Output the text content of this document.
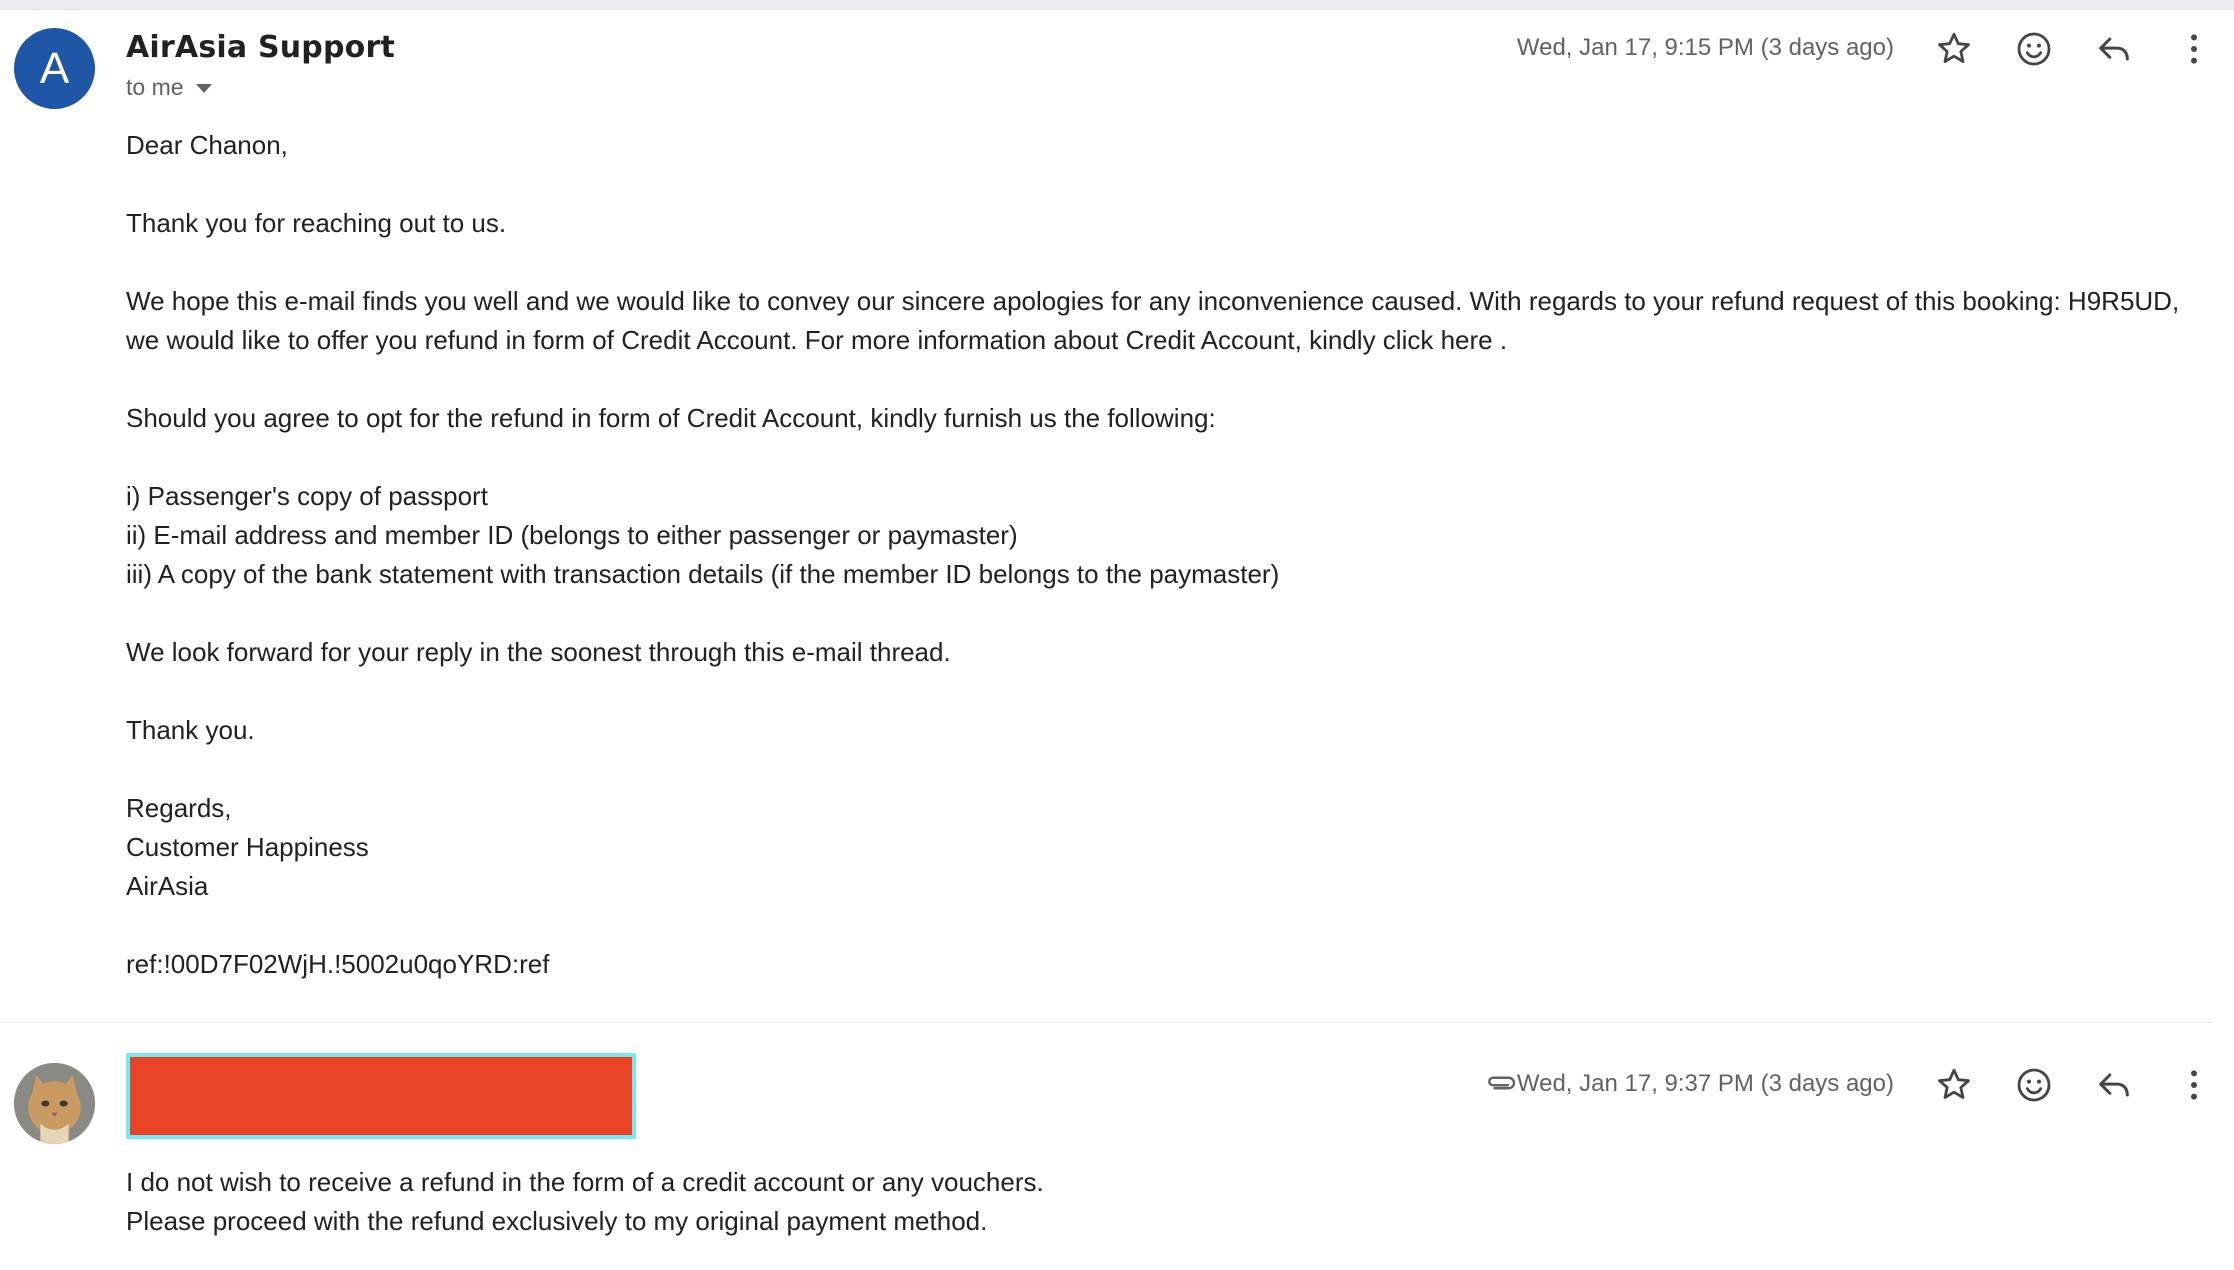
A AirAsia Support
to me
Wed, Jan 17, 9:15 PM (3 days ago)

Dear Chanon,

Thank you for reaching out to us.

We hope this e-mail finds you well and we would like to convey our sincere apologies for any inconvenience caused. With regards to your refund request of this booking: H9R5UD,
we would like to offer you refund in form of Credit Account. For more information about Credit Account, kindly click here .

Should you agree to opt for the refund in form of Credit Account, kindly furnish us the following:

i) Passenger's copy of passport
ii) E-mail address and member ID (belongs to either passenger or paymaster)
iii) A copy of the bank statement with transaction details (if the member ID belongs to the paymaster)

We look forward for your reply in the soonest through this e-mail thread.

Thank you.

Regards,
Customer Happiness
AirAsia

ref:!00D7F02WjH.!5002u0qoYRD:ref

Wed, Jan 17, 9:37 PM (3 days ago)

I do not wish to receive a refund in the form of a credit account or any vouchers.

Please proceed with the refund exclusively to my original payment method.
